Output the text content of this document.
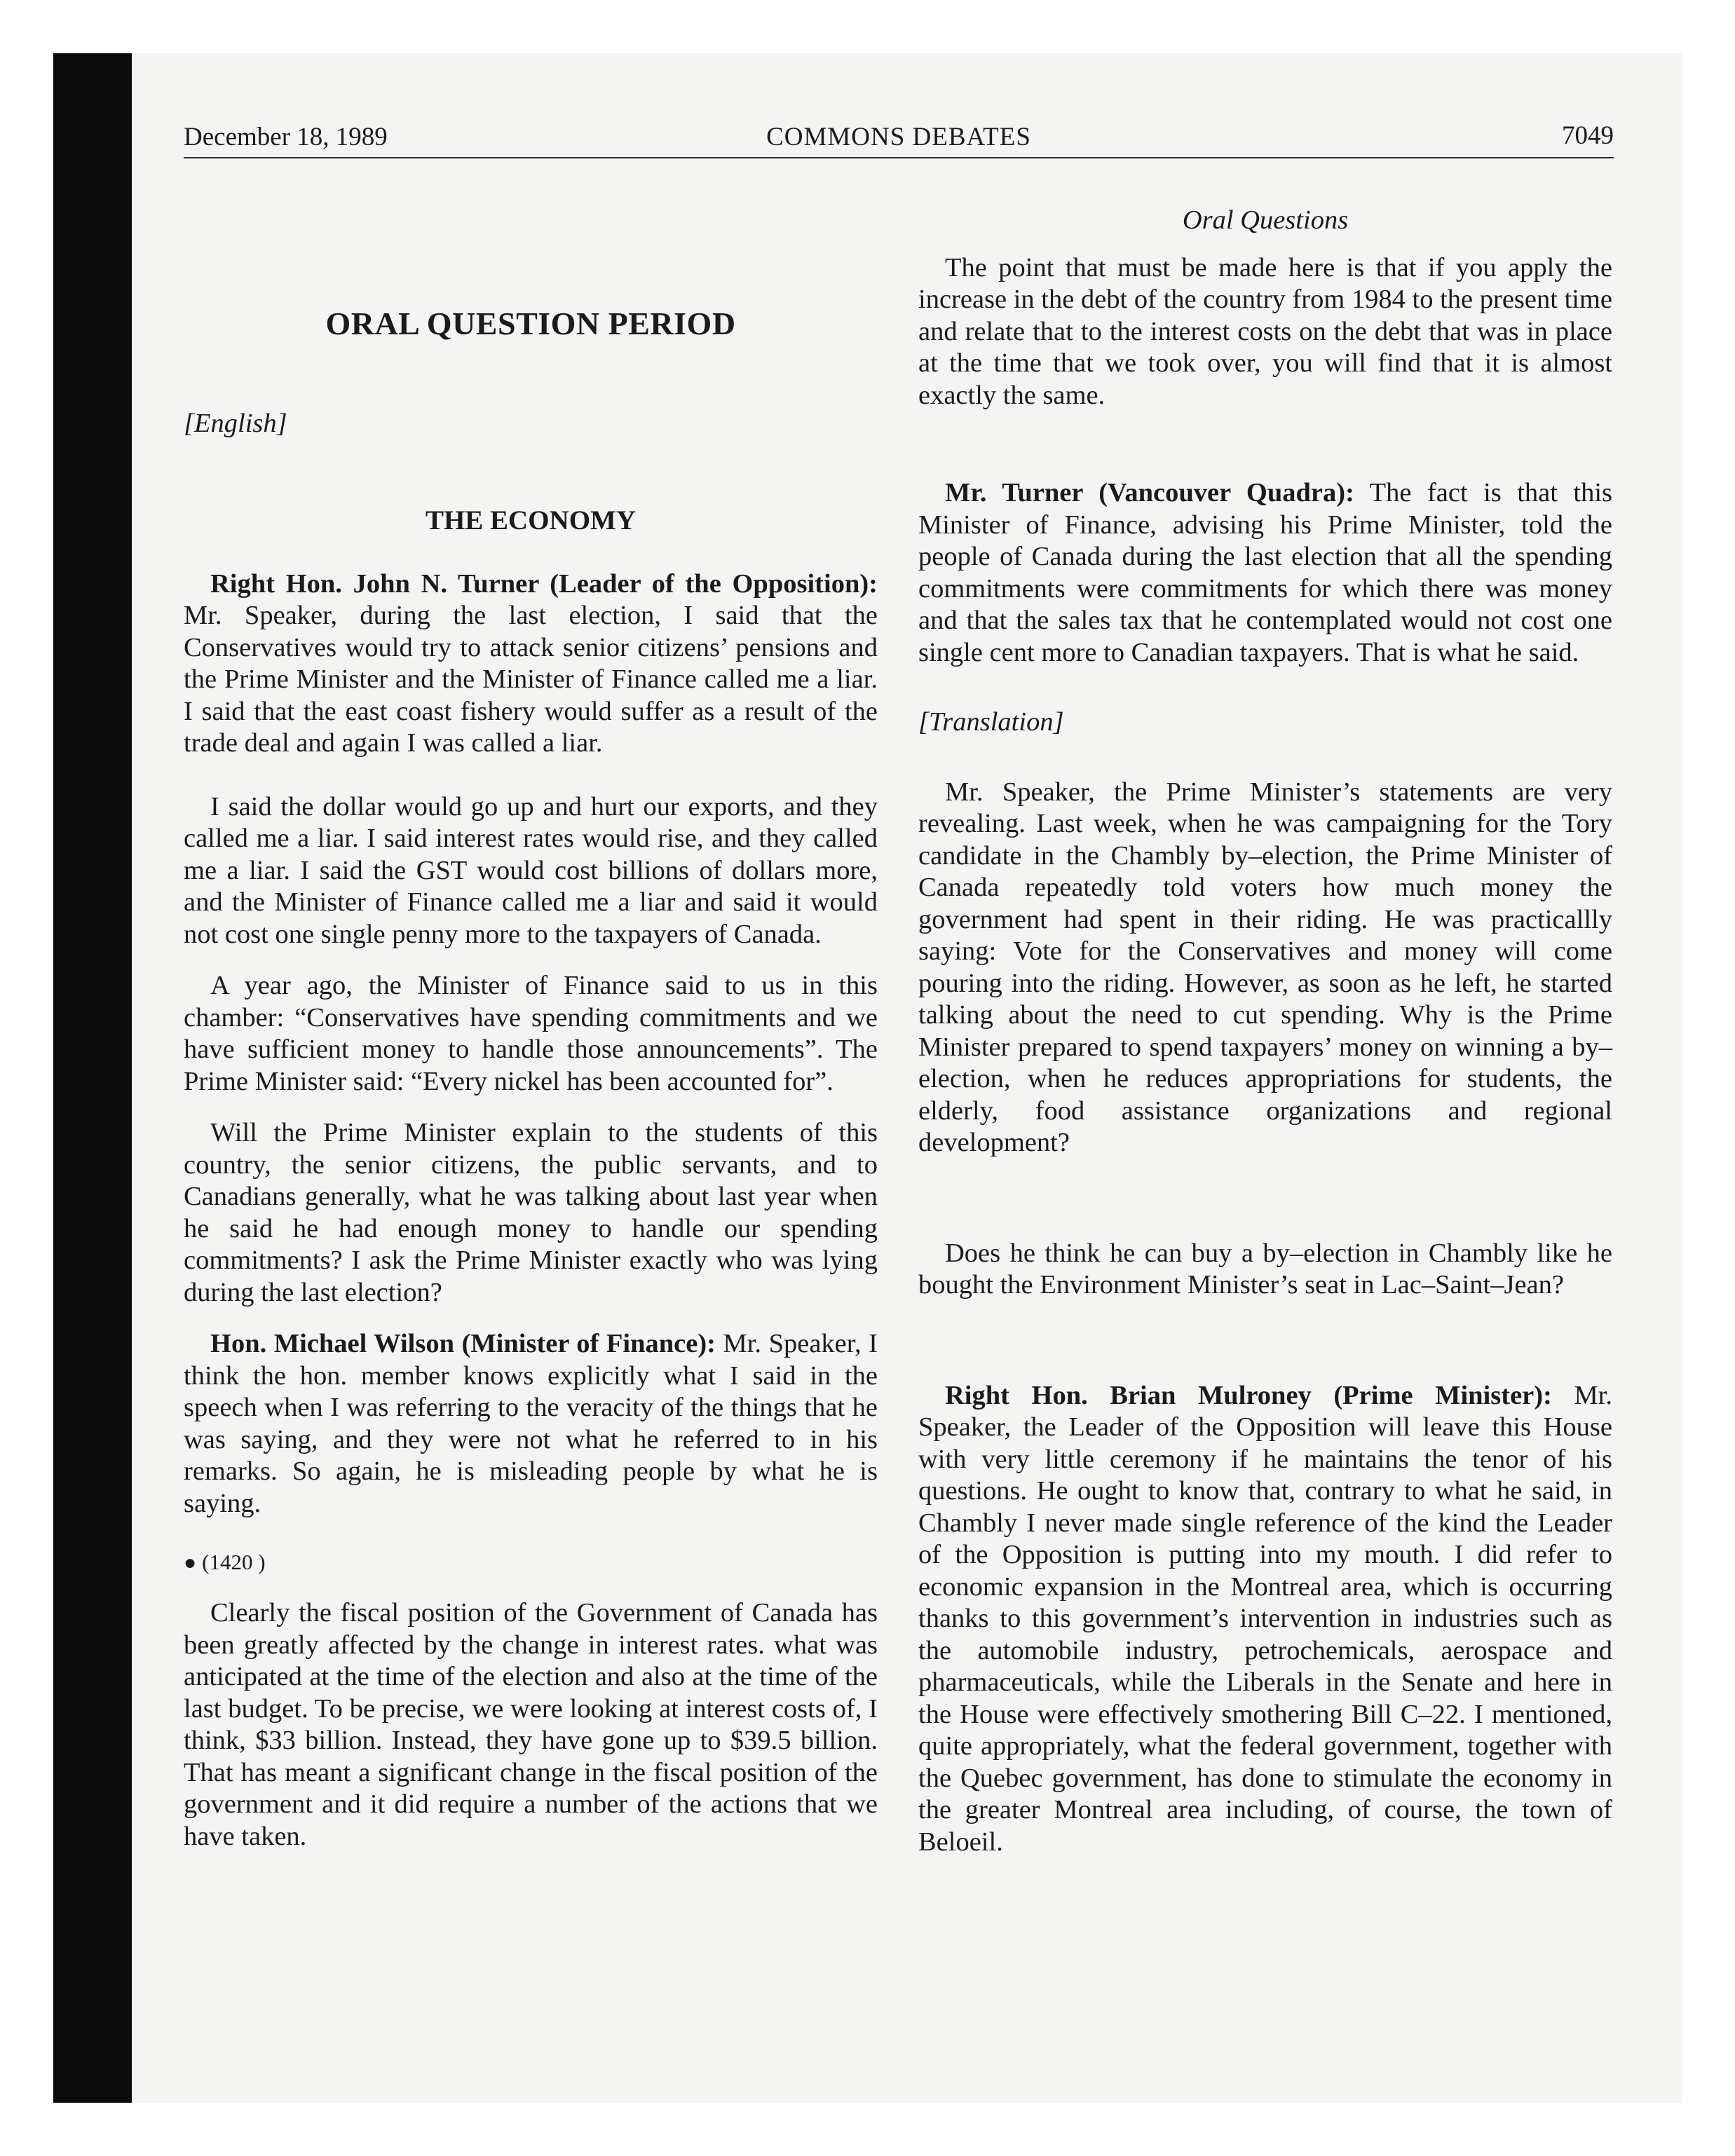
December 18, 1989	COMMONS DEBATES	7049
ORAL QUESTION PERIOD
[English]
THE ECONOMY

Right Hon. John N. Turner (Leader of the Opposition): Mr. Speaker, during the last election, I said that the Conservatives would try to attack senior citizens’ pensions and the Prime Minister and the Minister of Finance called me a liar. I said that the east coast fishery would suffer as a result of the trade deal and again I was called a liar.

I said the dollar would go up and hurt our exports, and they called me a liar. I said interest rates would rise, and they called me a liar. I said the GST would cost billions of dollars more, and the Minister of Finance called me a liar and said it would not cost one single penny more to the taxpayers of Canada.

A year ago, the Minister of Finance said to us in this chamber: “Conservatives have spending commitments and we have sufficient money to handle those announcements”. The Prime Minister said: “Every nickel has been accounted for”.

Will the Prime Minister explain to the students of this country, the senior citizens, the public servants, and to Canadians generally, what he was talking about last year when he said he had enough money to handle our spending commitments? I ask the Prime Minister exactly who was lying during the last election?

Hon. Michael Wilson (Minister of Finance): Mr. Speaker, I think the hon. member knows explicitly what I said in the speech when I was referring to the veracity of the things that he was saying, and they were not what he referred to in his remarks. So again, he is misleading people by what he is saying.

● (1420 )

Clearly the fiscal position of the Government of Canada has been greatly affected by the change in interest rates. what was anticipated at the time of the election and also at the time of the last budget. To be precise, we were looking at interest costs of, I think, $33 billion. Instead, they have gone up to $39.5 billion. That has meant a significant change in the fiscal position of the government and it did require a number of the actions that we have taken.

Oral Questions

The point that must be made here is that if you apply the increase in the debt of the country from 1984 to the present time and relate that to the interest costs on the debt that was in place at the time that we took over, you will find that it is almost exactly the same.

Mr. Turner (Vancouver Quadra): The fact is that this Minister of Finance, advising his Prime Minister, told the people of Canada during the last election that all the spending commitments were commitments for which there was money and that the sales tax that he contemplated would not cost one single cent more to Canadian taxpayers. That is what he said.

[Translation]

Mr. Speaker, the Prime Minister’s statements are very revealing. Last week, when he was campaigning for the Tory candidate in the Chambly by–election, the Prime Minister of Canada repeatedly told voters how much money the government had spent in their riding. He was practicallly saying: Vote for the Conservatives and money will come pouring into the riding. However, as soon as he left, he started talking about the need to cut spending. Why is the Prime Minister prepared to spend taxpayers’ money on winning a by–election, when he reduces appropriations for students, the elderly, food assistance organizations and regional development?

Does he think he can buy a by–election in Chambly like he bought the Environment Minister’s seat in Lac–Saint–Jean?

Right Hon. Brian Mulroney (Prime Minister): Mr. Speaker, the Leader of the Opposition will leave this House with very little ceremony if he maintains the tenor of his questions. He ought to know that, contrary to what he said, in Chambly I never made single reference of the kind the Leader of the Opposition is putting into my mouth. I did refer to economic expansion in the Montreal area, which is occurring thanks to this government’s intervention in industries such as the automobile industry, petrochemicals, aerospace and pharmaceuticals, while the Liberals in the Senate and here in the House were effectively smothering Bill C–22. I mentioned, quite appropriately, what the federal government, together with the Quebec government, has done to stimulate the economy in the greater Montreal area including, of course, the town of Beloeil.
